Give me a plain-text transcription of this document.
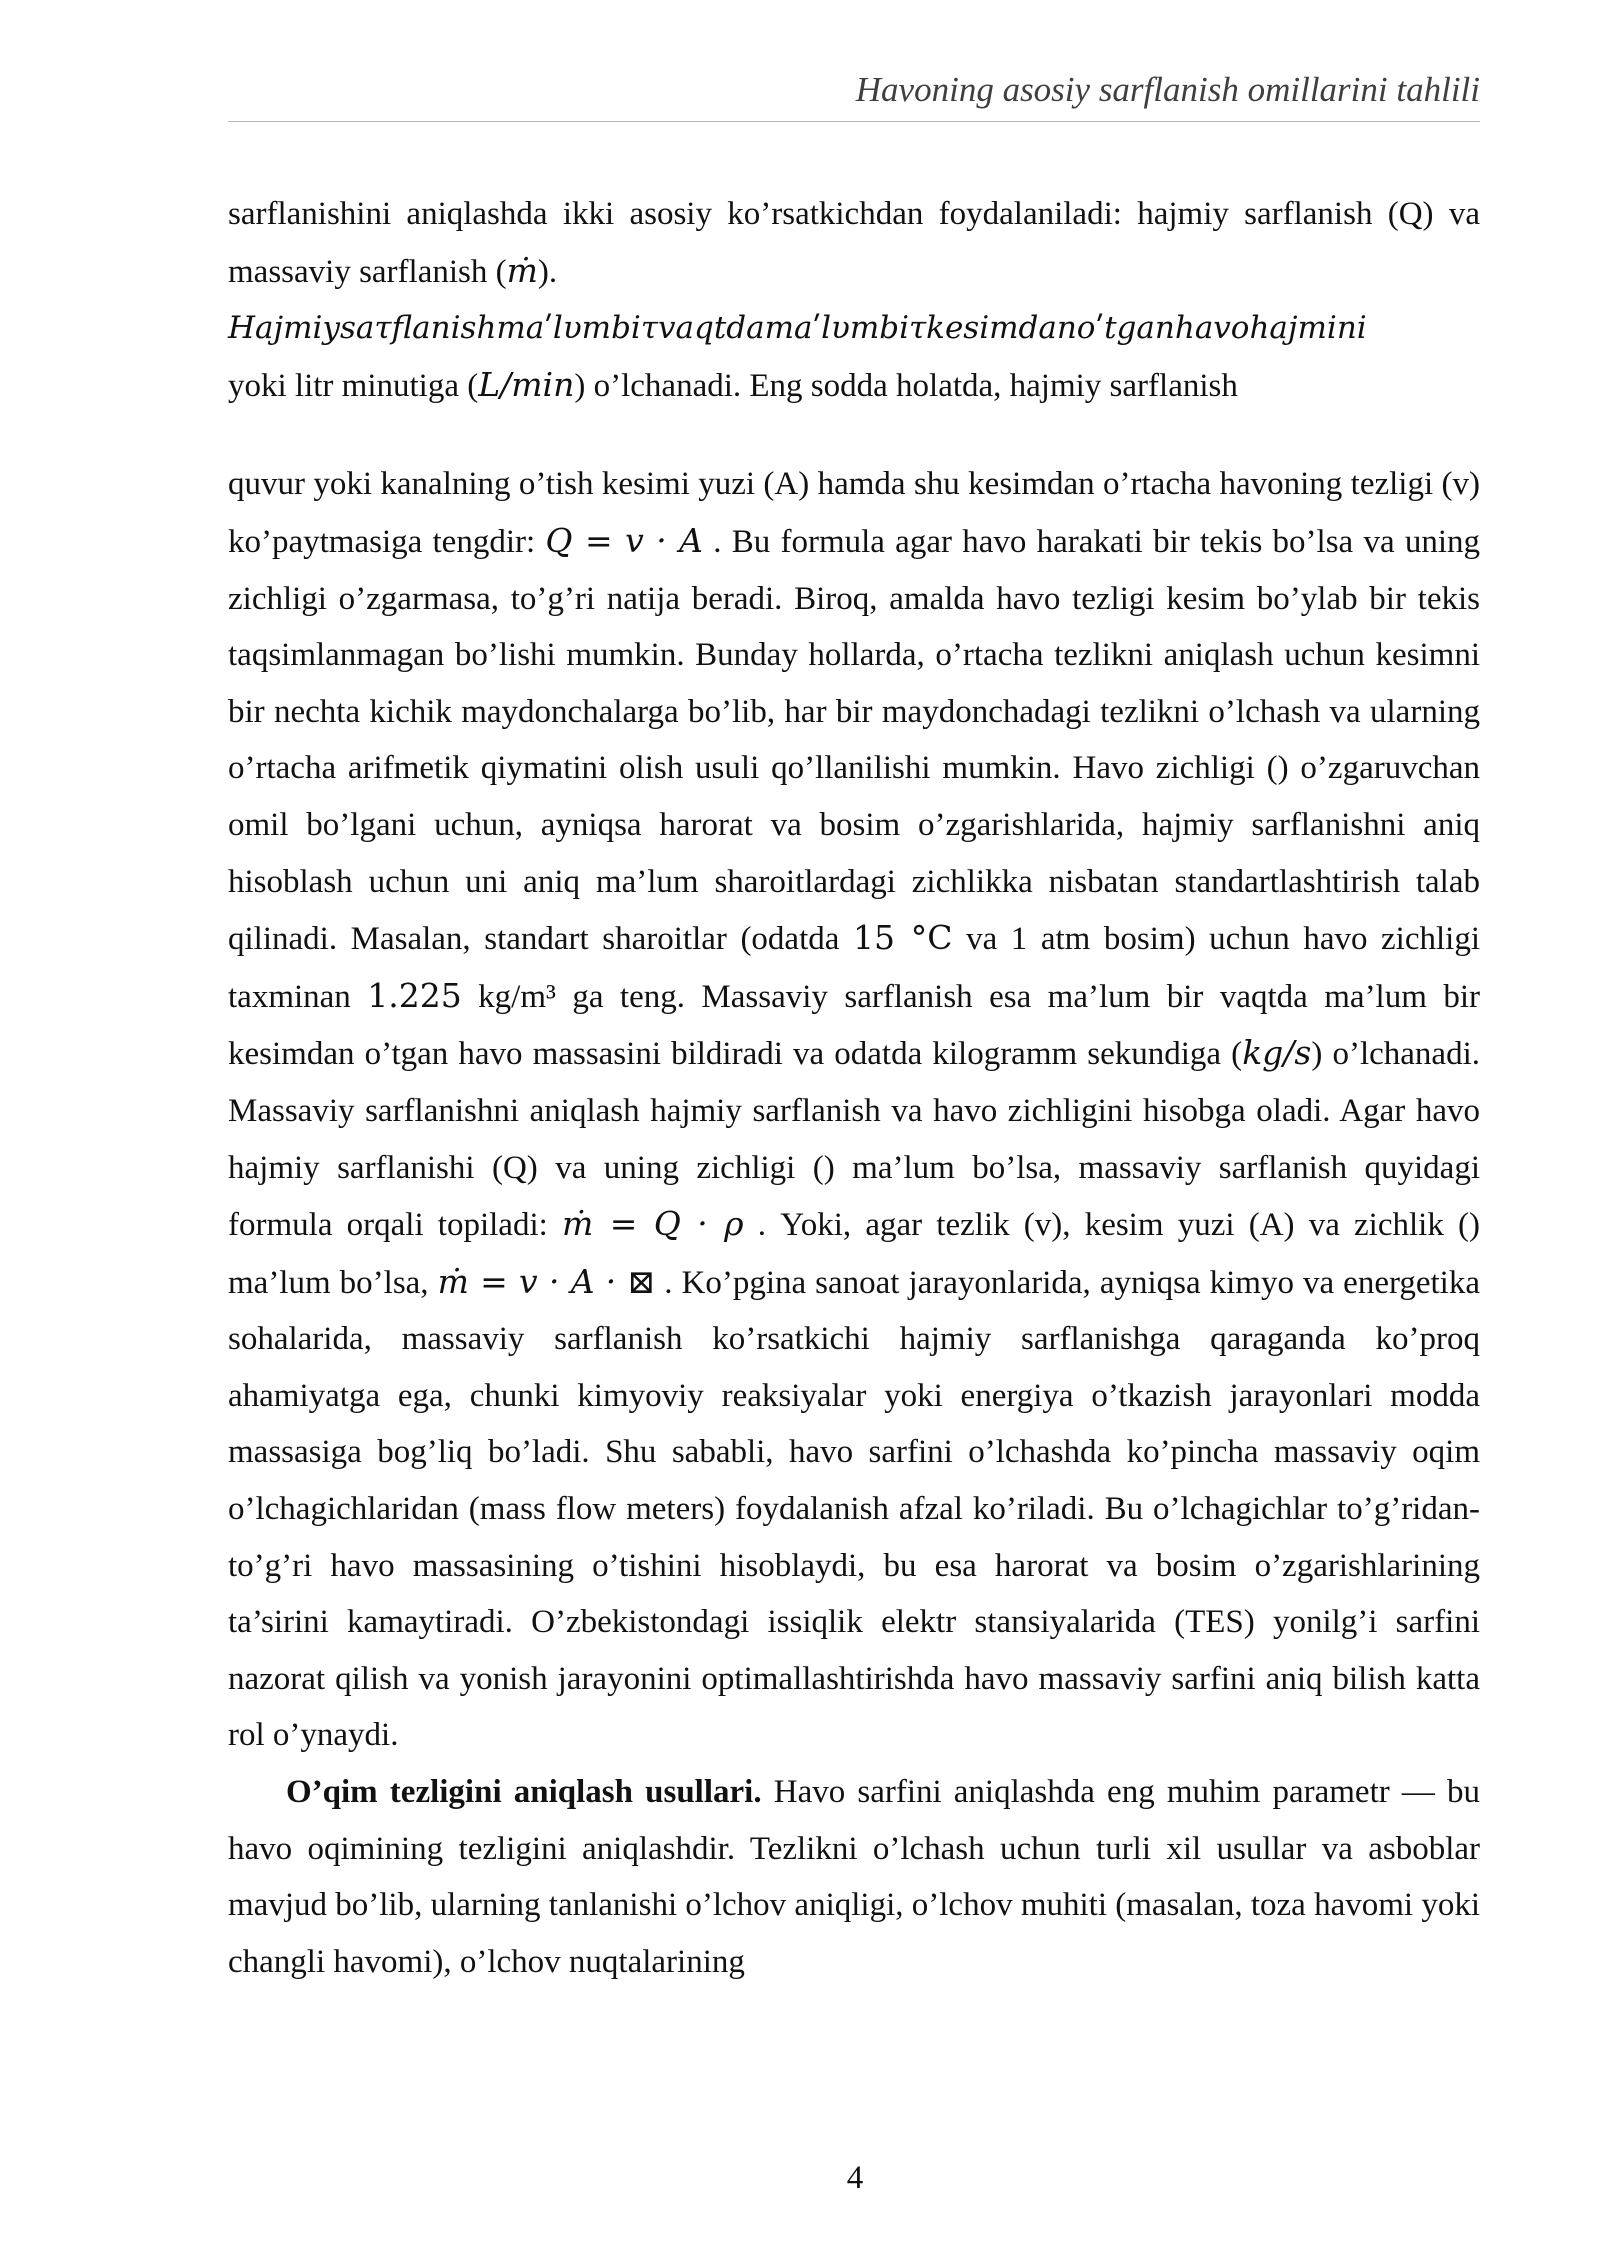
Havoning asosiy sarflanish omillarini tahlili

sarflanishini aniqlashda ikki asosiy ko’rsatkichdan foydalaniladi: hajmiy sarflanish (Q) va massaviy sarflanish (ṁ).

Hajmiysaτflanishmaʹlυmbiτvaqtdamaʹlυmbiτkesimdanoʹtganhavohajmini

yoki litr minutiga (L/min) o’lchanadi. Eng sodda holatda, hajmiy sarflanish

quvur yoki kanalning o’tish kesimi yuzi (A) hamda shu kesimdan o’rtacha havoning tezligi (v) ko’paytmasiga tengdir: Q = v · A . Bu formula agar havo harakati bir tekis bo’lsa va uning zichligi o’zgarmasa, to’g’ri natija beradi. Biroq, amalda havo tezligi kesim bo’ylab bir tekis taqsimlanmagan bo’lishi mumkin. Bunday hollarda, o’rtacha tezlikni aniqlash uchun kesimni bir nechta kichik maydonchalarga bo’lib, har bir maydonchadagi tezlikni o’lchash va ularning o’rtacha arifmetik qiymatini olish usuli qo’llanilishi mumkin. Havo zichligi () o’zgaruvchan omil bo’lgani uchun, ayniqsa harorat va bosim o’zgarishlarida, hajmiy sarflanishni aniq hisoblash uchun uni aniq ma’lum sharoitlardagi zichlikka nisbatan standartlashtirish talab qilinadi. Masalan, standart sharoitlar (odatda 15 °C va 1 atm bosim) uchun havo zichligi taxminan 1.225 kg/m³ ga teng. Massaviy sarflanish esa ma’lum bir vaqtda ma’lum bir kesimdan o’tgan havo massasini bildiradi va odatda kilogramm sekundiga (kg/s) o’lchanadi. Massaviy sarflanishni aniqlash hajmiy sarflanish va havo zichligini hisobga oladi. Agar havo hajmiy sarflanishi (Q) va uning zichligi () ma’lum bo’lsa, massaviy sarflanish quyidagi formula orqali topiladi: ṁ = Q · ρ . Yoki, agar tezlik (v), kesim yuzi (A) va zichlik () ma’lum bo’lsa, ṁ = v · A · ⊠ . Ko’pgina sanoat jarayonlarida, ayniqsa kimyo va energetika sohalarida, massaviy sarflanish ko’rsatkichi hajmiy sarflanishga qaraganda ko’proq ahamiyatga ega, chunki kimyoviy reaksiyalar yoki energiya o’tkazish jarayonlari modda massasiga bog’liq bo’ladi. Shu sababli, havo sarfini o’lchashda ko’pincha massaviy oqim o’lchagichlaridan (mass flow meters) foydalanish afzal ko’riladi. Bu o’lchagichlar to’g’ridan-to’g’ri havo massasining o’tishini hisoblaydi, bu esa harorat va bosim o’zgarishlarining ta’sirini kamaytiradi. O’zbekistondagi issiqlik elektr stansiyalarida (TES) yonilg’i sarfini nazorat qilish va yonish jarayonini optimallashtirishda havo massaviy sarfini aniq bilish katta rol o’ynaydi.

O’qim tezligini aniqlash usullari. Havo sarfini aniqlashda eng muhim parametr — bu havo oqimining tezligini aniqlashdir. Tezlikni o’lchash uchun turli xil usullar va asboblar mavjud bo’lib, ularning tanlanishi o’lchov aniqligi, o’lchov muhiti (masalan, toza havomi yoki changli havomi), o’lchov nuqtalarining

4
